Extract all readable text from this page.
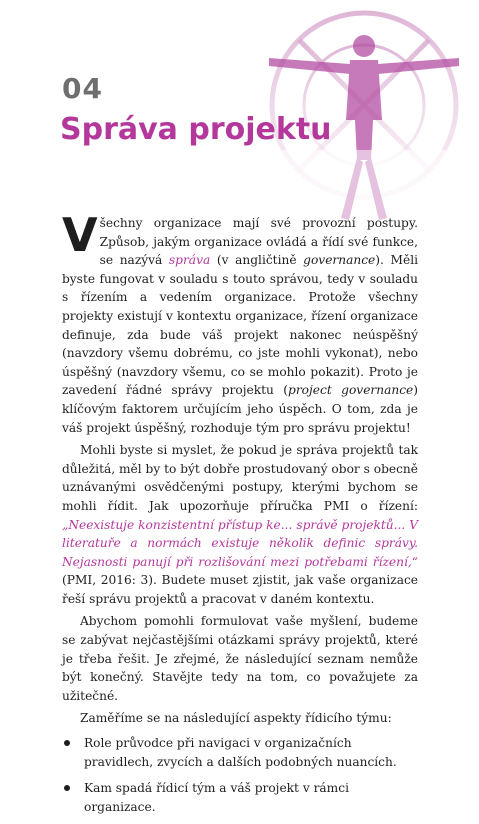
04
Správa projektu

Všechny organizace mají své provozní postupy. Způsob, jakým organizace ovládá a řídí své funkce, se nazývá správa (v angličtině governance). Měli byste fungovat v souladu s touto správou, tedy v souladu s řízením a vedením organizace. Protože všechny projekty existují v kontextu organizace, řízení organizace definuje, zda bude váš projekt nakonec neúspěšný (navzdory všemu dobrému, co jste mohli vykonat), nebo úspěšný (navzdory všemu, co se mohlo pokazit). Proto je zavedení řádné správy projektu (project governance) klíčovým faktorem určujícím jeho úspěch. O tom, zda je váš projekt úspěšný, rozhoduje tým pro správu projektu!

Mohli byste si myslet, že pokud je správa projektů tak důležitá, měl by to být dobře prostudovaný obor s obecně uznávanými osvědčenými postupy, kterými bychom se mohli řídit. Jak upozorňuje příručka PMI o řízení: „Neexistuje konzistentní přístup ke... správě projektů... V literatuře a normách existuje několik definic správy. Nejasnosti panují při rozlišování mezi potřebami řízení,“ (PMI, 2016: 3). Budete muset zjistit, jak vaše organizace řeší správu projektů a pracovat v daném kontextu.

Abychom pomohli formulovat vaše myšlení, budeme se zabývat nejčastějšími otázkami správy projektů, které je třeba řešit. Je zřejmé, že následující seznam nemůže být konečný. Stavějte tedy na tom, co považujete za užitečné.

Zaměříme se na následující aspekty řídicího týmu:

Role průvodce při navigaci v organizačních pravidlech, zvycích a dalších podobných nuancích.
Kam spadá řídicí tým a váš projekt v rámci organizace.
